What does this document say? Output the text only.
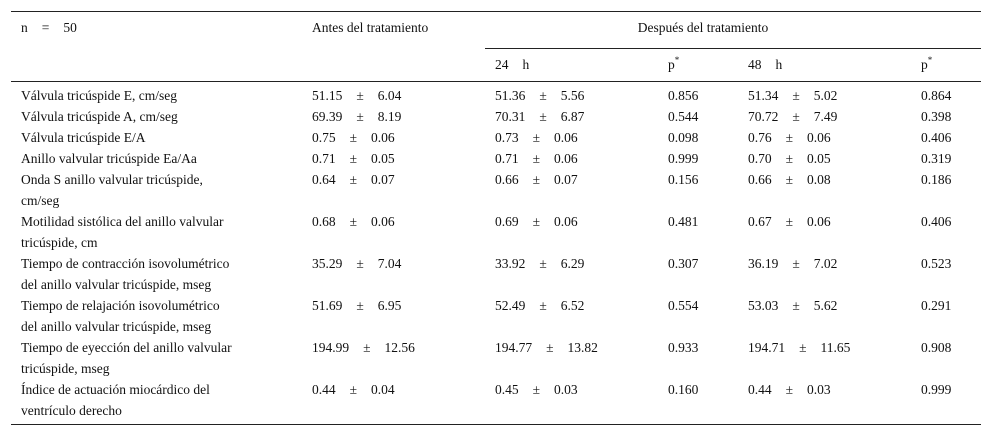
n = 50	Antes del tratamiento	Después del tratamiento			
		24 h	p*	48 h	p*
Válvula tricúspide E, cm/seg	51.15 ± 6.04	51.36 ± 5.56	0.856	51.34 ± 5.02	0.864
Válvula tricúspide A, cm/seg	69.39 ± 8.19	70.31 ± 6.87	0.544	70.72 ± 7.49	0.398
Válvula tricúspide E/A	0.75 ± 0.06	0.73 ± 0.06	0.098	0.76 ± 0.06	0.406
Anillo valvular tricúspide Ea/Aa	0.71 ± 0.05	0.71 ± 0.06	0.999	0.70 ± 0.05	0.319
Onda S anillo valvular tricúspide,
cm/seg	0.64 ± 0.07	0.66 ± 0.07	0.156	0.66 ± 0.08	0.186
Motilidad sistólica del anillo valvular
tricúspide, cm	0.68 ± 0.06	0.69 ± 0.06	0.481	0.67 ± 0.06	0.406
Tiempo de contracción isovolumétrico
del anillo valvular tricúspide, mseg	35.29 ± 7.04	33.92 ± 6.29	0.307	36.19 ± 7.02	0.523
Tiempo de relajación isovolumétrico
del anillo valvular tricúspide, mseg	51.69 ± 6.95	52.49 ± 6.52	0.554	53.03 ± 5.62	0.291
Tiempo de eyección del anillo valvular
tricúspide, mseg	194.99 ± 12.56	194.77 ± 13.82	0.933	194.71 ± 11.65	0.908
Índice de actuación miocárdico del
ventrículo derecho	0.44 ± 0.04	0.45 ± 0.03	0.160	0.44 ± 0.03	0.999
